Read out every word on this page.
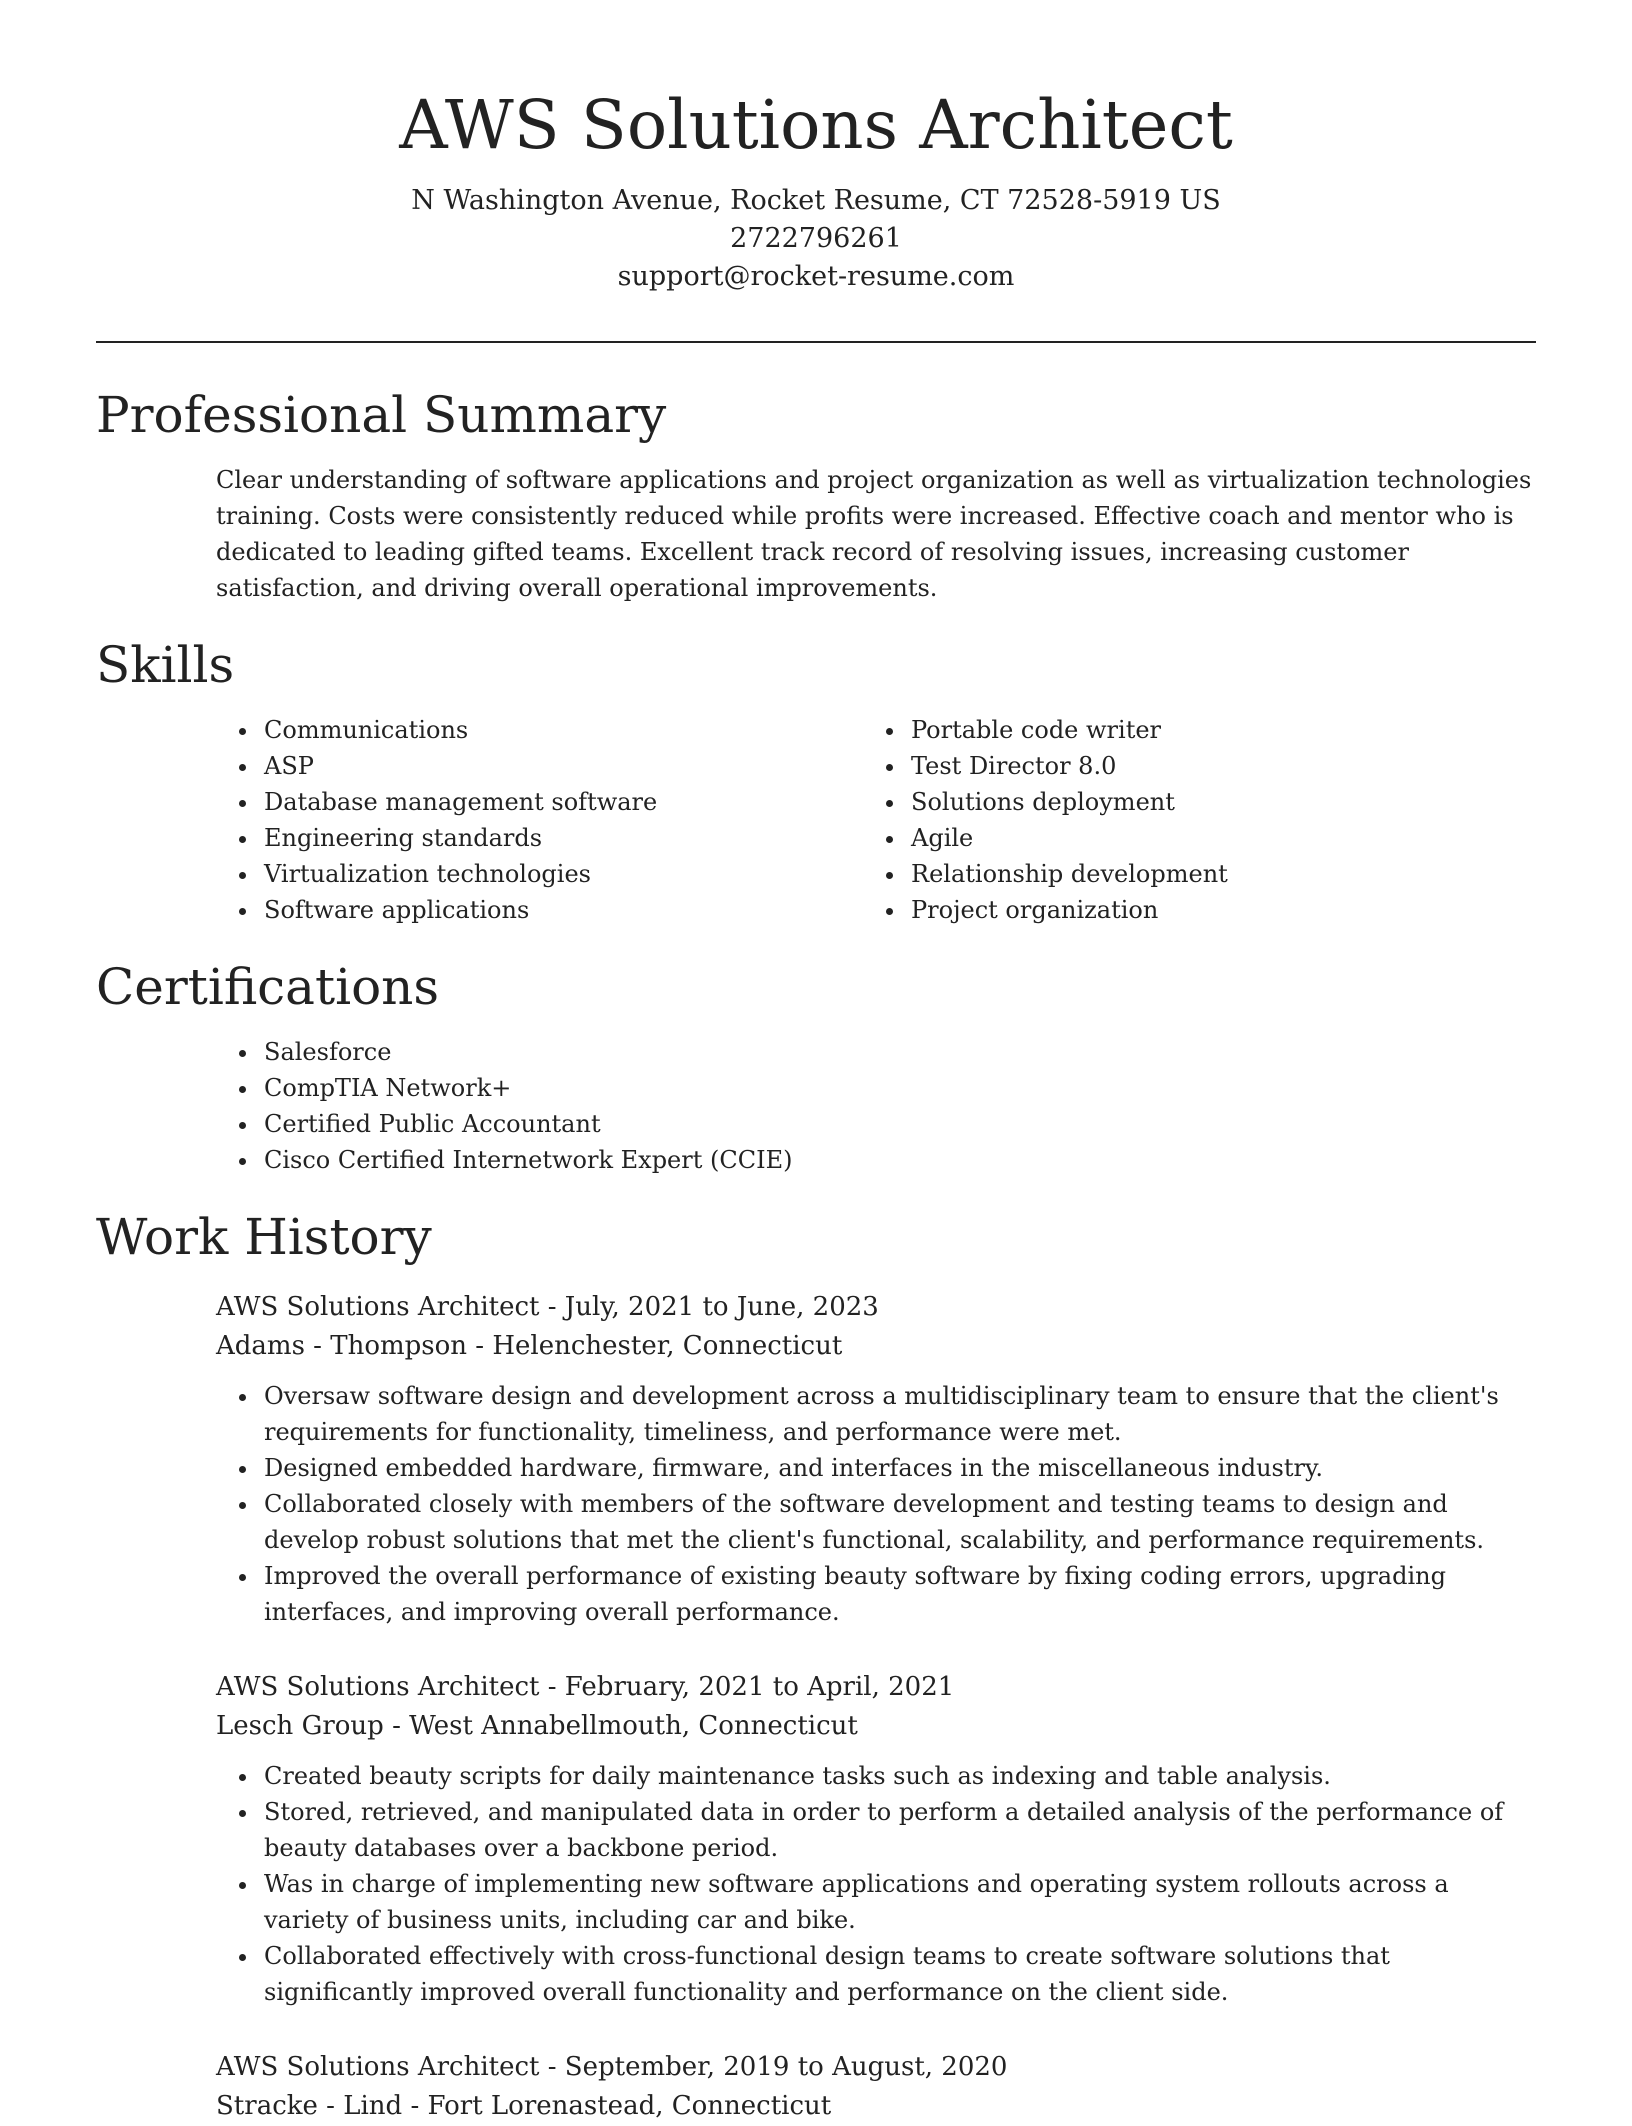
AWS Solutions Architect
N Washington Avenue, Rocket Resume, CT 72528-5919 US
2722796261
support@rocket-resume.com
Professional Summary
Clear understanding of software applications and project organization as well as virtualization technologies training. Costs were consistently reduced while profits were increased. Effective coach and mentor who is dedicated to leading gifted teams. Excellent track record of resolving issues, increasing customer satisfaction, and driving overall operational improvements.
Skills
• Communications
• ASP
• Database management software
• Engineering standards
• Virtualization technologies
• Software applications
• Portable code writer
• Test Director 8.0
• Solutions deployment
• Agile
• Relationship development
• Project organization
Certifications
• Salesforce
• CompTIA Network+
• Certified Public Accountant
• Cisco Certified Internetwork Expert (CCIE)
Work History
AWS Solutions Architect - July, 2021 to June, 2023
Adams - Thompson - Helenchester, Connecticut
• Oversaw software design and development across a multidisciplinary team to ensure that the client's requirements for functionality, timeliness, and performance were met.
• Designed embedded hardware, firmware, and interfaces in the miscellaneous industry.
• Collaborated closely with members of the software development and testing teams to design and develop robust solutions that met the client's functional, scalability, and performance requirements.
• Improved the overall performance of existing beauty software by fixing coding errors, upgrading interfaces, and improving overall performance.
AWS Solutions Architect - February, 2021 to April, 2021
Lesch Group - West Annabellmouth, Connecticut
• Created beauty scripts for daily maintenance tasks such as indexing and table analysis.
• Stored, retrieved, and manipulated data in order to perform a detailed analysis of the performance of beauty databases over a backbone period.
• Was in charge of implementing new software applications and operating system rollouts across a variety of business units, including car and bike.
• Collaborated effectively with cross-functional design teams to create software solutions that significantly improved overall functionality and performance on the client side.
AWS Solutions Architect - September, 2019 to August, 2020
Stracke - Lind - Fort Lorenastead, Connecticut
